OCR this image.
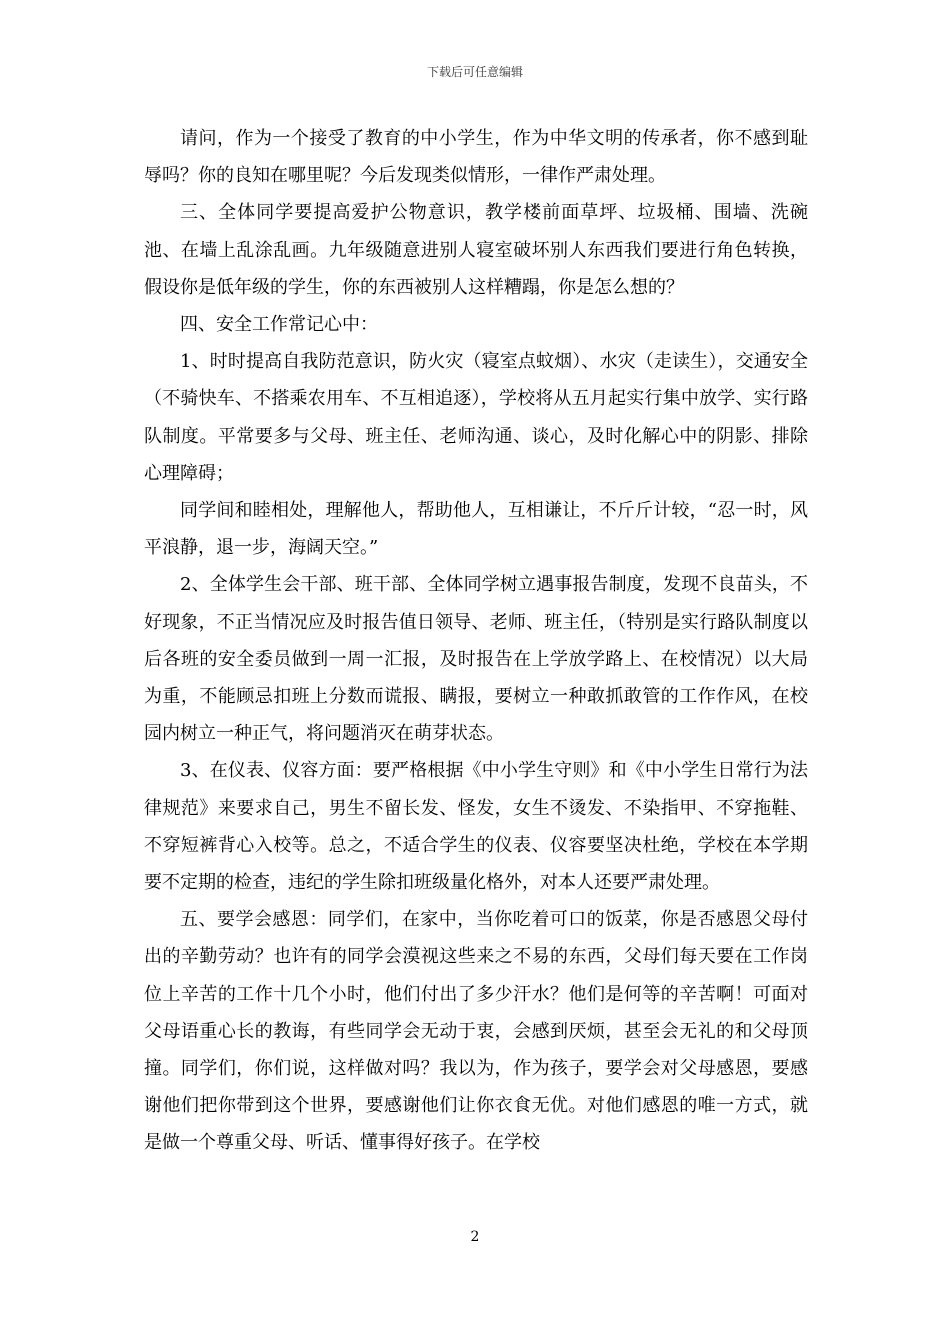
下载后可任意编辑

请问，作为一个接受了教育的中小学生，作为中华文明的传承者，你不感到耻辱吗？你的良知在哪里呢？今后发现类似情形，一律作严肃处理。

三、全体同学要提高爱护公物意识，教学楼前面草坪、垃圾桶、围墙、洗碗池、在墙上乱涂乱画。九年级随意进别人寝室破坏别人东西我们要进行角色转换，假设你是低年级的学生，你的东西被别人这样糟蹋，你是怎么想的？

四、安全工作常记心中：

1、时时提高自我防范意识，防火灾（寝室点蚊烟）、水灾（走读生），交通安全（不骑快车、不搭乘农用车、不互相追逐），学校将从五月起实行集中放学、实行路队制度。平常要多与父母、班主任、老师沟通、谈心，及时化解心中的阴影、排除心理障碍；

同学间和睦相处，理解他人，帮助他人，互相谦让，不斤斤计较，“忍一时，风平浪静，退一步，海阔天空。”

2、全体学生会干部、班干部、全体同学树立遇事报告制度，发现不良苗头，不好现象，不正当情况应及时报告值日领导、老师、班主任，（特别是实行路队制度以后各班的安全委员做到一周一汇报，及时报告在上学放学路上、在校情况）以大局为重，不能顾忌扣班上分数而谎报、瞒报，要树立一种敢抓敢管的工作作风，在校园内树立一种正气，将问题消灭在萌芽状态。

3、在仪表、仪容方面：要严格根据《中小学生守则》和《中小学生日常行为法律规范》来要求自己，男生不留长发、怪发，女生不烫发、不染指甲、不穿拖鞋、不穿短裤背心入校等。总之，不适合学生的仪表、仪容要坚决杜绝，学校在本学期要不定期的检查，违纪的学生除扣班级量化格外，对本人还要严肃处理。

五、要学会感恩：同学们，在家中，当你吃着可口的饭菜，你是否感恩父母付出的辛勤劳动？也许有的同学会漠视这些来之不易的东西，父母们每天要在工作岗位上辛苦的工作十几个小时，他们付出了多少汗水？他们是何等的辛苦啊！可面对父母语重心长的教诲，有些同学会无动于衷，会感到厌烦，甚至会无礼的和父母顶撞。同学们，你们说，这样做对吗？我以为，作为孩子，要学会对父母感恩，要感谢他们把你带到这个世界，要感谢他们让你衣食无优。对他们感恩的唯一方式，就是做一个尊重父母、听话、懂事得好孩子。在学校

2
